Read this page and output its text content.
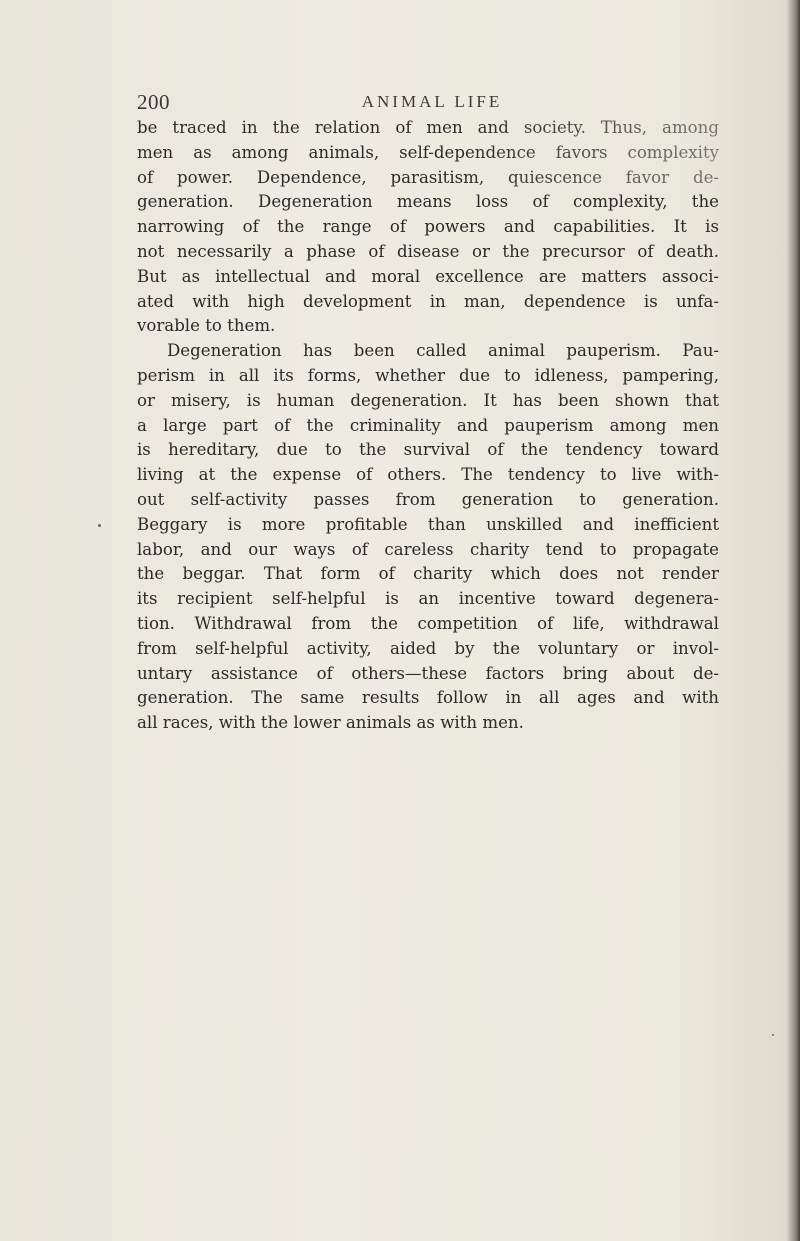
200	ANIMAL LIFE
be traced in the relation of men and society. Thus, among
men as among animals, self-dependence favors complexity
of power. Dependence, parasitism, quiescence favor de-
generation. Degeneration means loss of complexity, the
narrowing of the range of powers and capabilities. It is
not necessarily a phase of disease or the precursor of death.
But as intellectual and moral excellence are matters associ-
ated with high development in man, dependence is unfa-
vorable to them.
Degeneration has been called animal pauperism. Pau-
perism in all its forms, whether due to idleness, pampering,
or misery, is human degeneration. It has been shown that
a large part of the criminality and pauperism among men
is hereditary, due to the survival of the tendency toward
living at the expense of others. The tendency to live with-
out self-activity passes from generation to generation.
Beggary is more profitable than unskilled and inefficient
labor, and our ways of careless charity tend to propagate
the beggar. That form of charity which does not render
its recipient self-helpful is an incentive toward degenera-
tion. Withdrawal from the competition of life, withdrawal
from self-helpful activity, aided by the voluntary or invol-
untary assistance of others—these factors bring about de-
generation. The same results follow in all ages and with
all races, with the lower animals as with men.
